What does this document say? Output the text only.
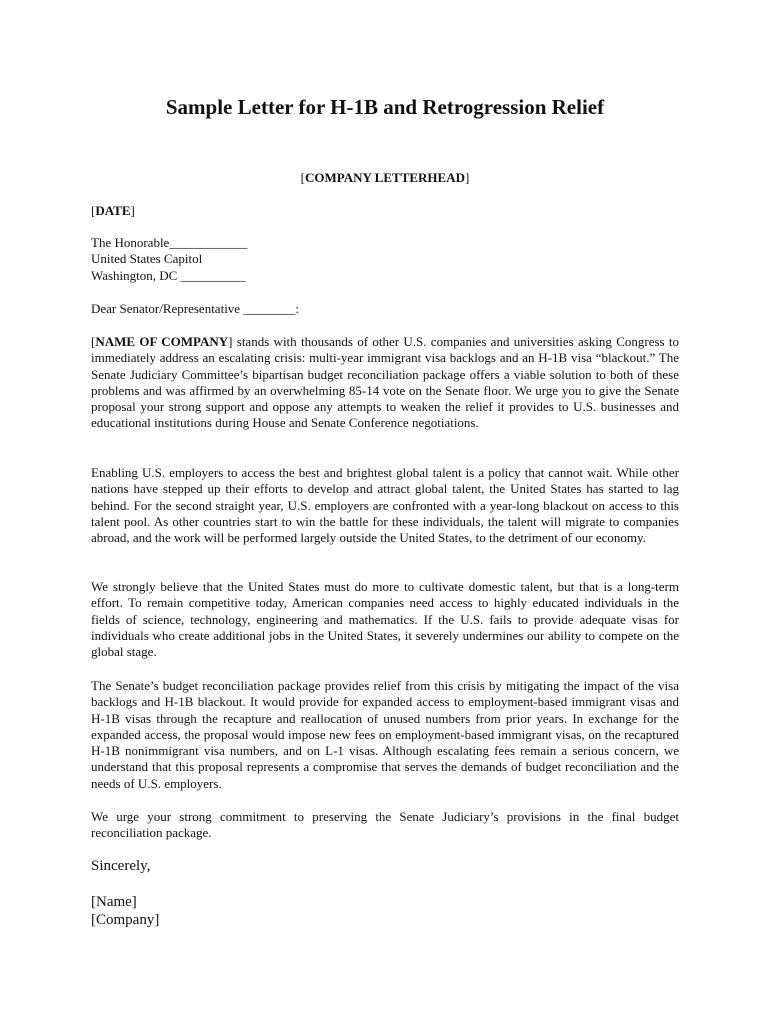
Sample Letter for H-1B and Retrogression Relief
[COMPANY LETTERHEAD]
[DATE]
The Honorable____________
United States Capitol
Washington, DC __________
Dear Senator/Representative ________:
[NAME OF COMPANY] stands with thousands of other U.S. companies and universities asking Congress to immediately address an escalating crisis: multi-year immigrant visa backlogs and an H-1B visa “blackout.” The Senate Judiciary Committee’s bipartisan budget reconciliation package offers a viable solution to both of these problems and was affirmed by an overwhelming 85-14 vote on the Senate floor. We urge you to give the Senate proposal your strong support and oppose any attempts to weaken the relief it provides to U.S. businesses and educational institutions during House and Senate Conference negotiations.
Enabling U.S. employers to access the best and brightest global talent is a policy that cannot wait. While other nations have stepped up their efforts to develop and attract global talent, the United States has started to lag behind. For the second straight year, U.S. employers are confronted with a year-long blackout on access to this talent pool. As other countries start to win the battle for these individuals, the talent will migrate to companies abroad, and the work will be performed largely outside the United States, to the detriment of our economy.
We strongly believe that the United States must do more to cultivate domestic talent, but that is a long-term effort. To remain competitive today, American companies need access to highly educated individuals in the fields of science, technology, engineering and mathematics. If the U.S. fails to provide adequate visas for individuals who create additional jobs in the United States, it severely undermines our ability to compete on the global stage.
The Senate’s budget reconciliation package provides relief from this crisis by mitigating the impact of the visa backlogs and H-1B blackout. It would provide for expanded access to employment-based immigrant visas and H-1B visas through the recapture and reallocation of unused numbers from prior years. In exchange for the expanded access, the proposal would impose new fees on employment-based immigrant visas, on the recaptured H-1B nonimmigrant visa numbers, and on L-1 visas. Although escalating fees remain a serious concern, we understand that this proposal represents a compromise that serves the demands of budget reconciliation and the needs of U.S. employers.
We urge your strong commitment to preserving the Senate Judiciary’s provisions in the final budget reconciliation package.
Sincerely,
[Name]
[Company]
